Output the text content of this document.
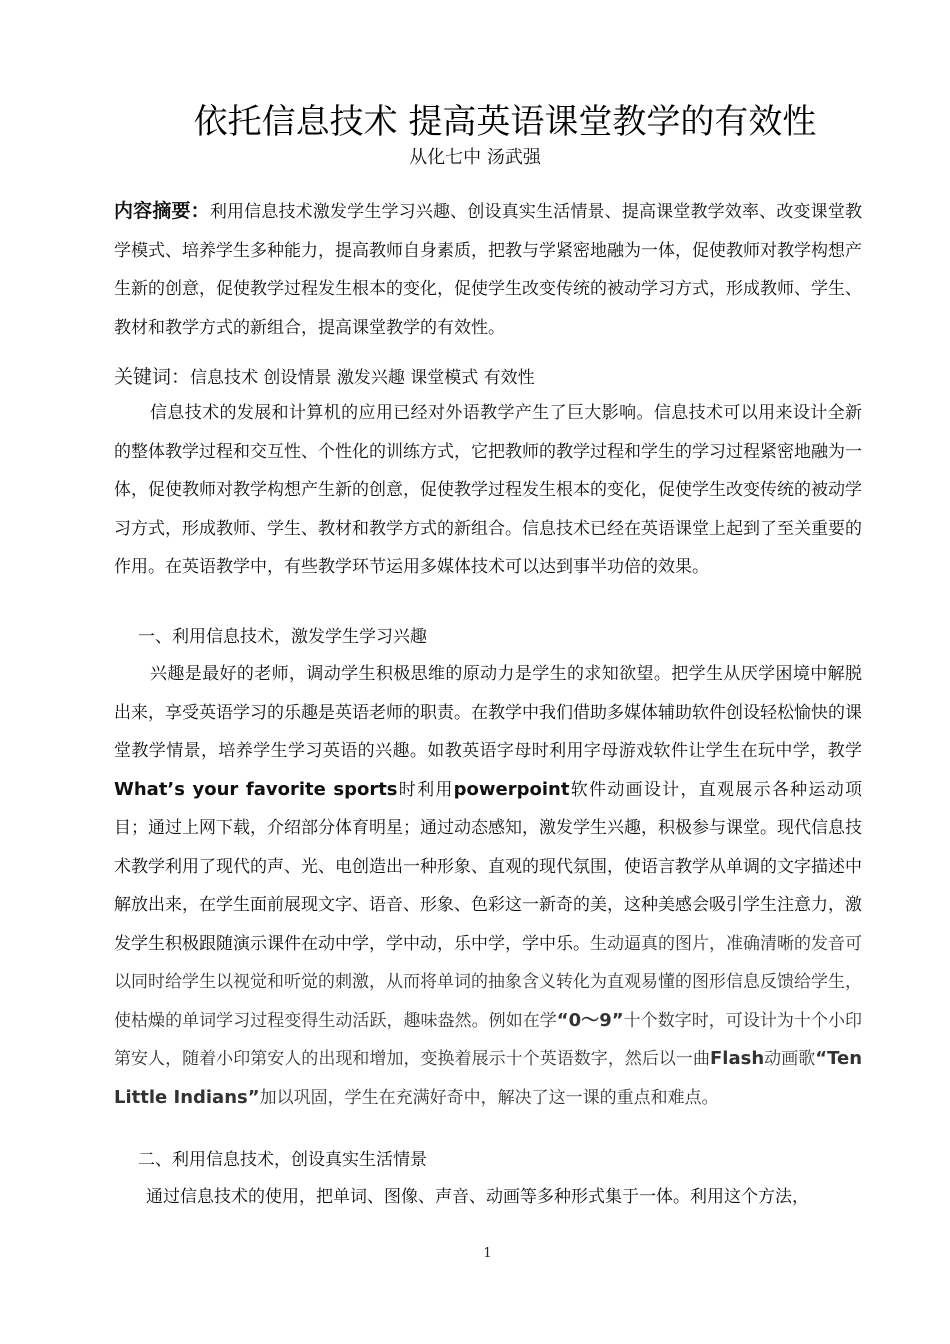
依托信息技术 提高英语课堂教学的有效性
从化七中 汤武强
内容摘要：利用信息技术激发学生学习兴趣、创设真实生活情景、提高课堂教学效率、改变课堂教学模式、培养学生多种能力，提高教师自身素质，把教与学紧密地融为一体，促使教师对教学构想产生新的创意，促使教学过程发生根本的变化，促使学生改变传统的被动学习方式，形成教师、学生、教材和教学方式的新组合，提高课堂教学的有效性。
关键词：信息技术 创设情景 激发兴趣 课堂模式 有效性
信息技术的发展和计算机的应用已经对外语教学产生了巨大影响。信息技术可以用来设计全新的整体教学过程和交互性、个性化的训练方式，它把教师的教学过程和学生的学习过程紧密地融为一体，促使教师对教学构想产生新的创意，促使教学过程发生根本的变化，促使学生改变传统的被动学习方式，形成教师、学生、教材和教学方式的新组合。信息技术已经在英语课堂上起到了至关重要的作用。在英语教学中，有些教学环节运用多媒体技术可以达到事半功倍的效果。
一、利用信息技术，激发学生学习兴趣
兴趣是最好的老师，调动学生积极思维的原动力是学生的求知欲望。把学生从厌学困境中解脱出来，享受英语学习的乐趣是英语老师的职责。在教学中我们借助多媒体辅助软件创设轻松愉快的课堂教学情景，培养学生学习英语的兴趣。如教英语字母时利用字母游戏软件让学生在玩中学，教学What’s your favorite sports时利用powerpoint软件动画设计，直观展示各种运动项目；通过上网下载，介绍部分体育明星；通过动态感知，激发学生兴趣，积极参与课堂。现代信息技术教学利用了现代的声、光、电创造出一种形象、直观的现代氛围，使语言教学从单调的文字描述中解放出来，在学生面前展现文字、语音、形象、色彩这一新奇的美，这种美感会吸引学生注意力，激发学生积极跟随演示课件在动中学，学中动，乐中学，学中乐。生动逼真的图片，准确清晰的发音可以同时给学生以视觉和听觉的刺激，从而将单词的抽象含义转化为直观易懂的图形信息反馈给学生，使枯燥的单词学习过程变得生动活跃，趣味盎然。例如在学“0～9”十个数字时，可设计为十个小印第安人，随着小印第安人的出现和增加，变换着展示十个英语数字，然后以一曲Flash动画歌“Ten Little Indians”加以巩固，学生在充满好奇中，解决了这一课的重点和难点。
二、利用信息技术，创设真实生活情景
通过信息技术的使用，把单词、图像、声音、动画等多种形式集于一体。利用这个方法，
1
